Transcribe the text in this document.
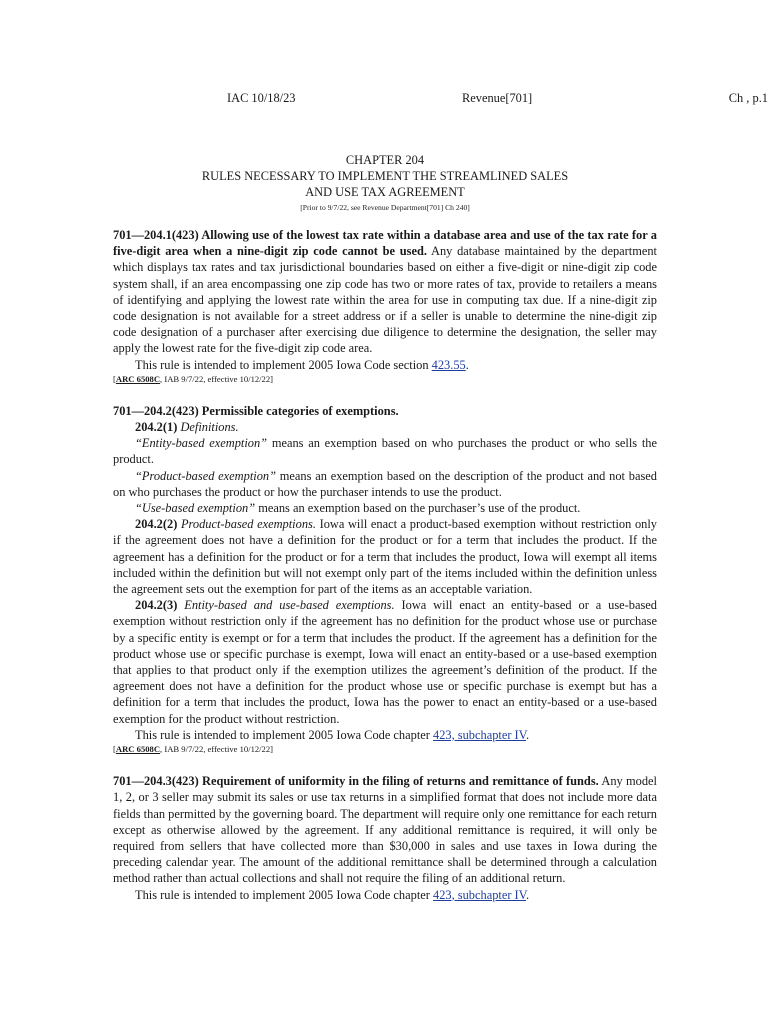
IAC 10/18/23	Revenue[701]	Ch , p.1
CHAPTER 204
RULES NECESSARY TO IMPLEMENT THE STREAMLINED SALES
AND USE TAX AGREEMENT
[Prior to 9/7/22, see Revenue Department[701] Ch 240]

701—204.1(423) Allowing use of the lowest tax rate within a database area and use of the tax rate for a five-digit area when a nine-digit zip code cannot be used. Any database maintained by the department which displays tax rates and tax jurisdictional boundaries based on either a five-digit or nine-digit zip code system shall, if an area encompassing one zip code has two or more rates of tax, provide to retailers a means of identifying and applying the lowest rate within the area for use in computing tax due. If a nine-digit zip code designation is not available for a street address or if a seller is unable to determine the nine-digit zip code designation of a purchaser after exercising due diligence to determine the designation, the seller may apply the lowest rate for the five-digit zip code area.

This rule is intended to implement 2005 Iowa Code section 423.55.

[ARC 6508C, IAB 9/7/22, effective 10/12/22]

701—204.2(423) Permissible categories of exemptions.

204.2(1) Definitions.

“Entity-based exemption” means an exemption based on who purchases the product or who sells the product.

“Product-based exemption” means an exemption based on the description of the product and not based on who purchases the product or how the purchaser intends to use the product.

“Use-based exemption” means an exemption based on the purchaser’s use of the product.

204.2(2) Product-based exemptions. Iowa will enact a product-based exemption without restriction only if the agreement does not have a definition for the product or for a term that includes the product. If the agreement has a definition for the product or for a term that includes the product, Iowa will exempt all items included within the definition but will not exempt only part of the items included within the definition unless the agreement sets out the exemption for part of the items as an acceptable variation.

204.2(3) Entity-based and use-based exemptions. Iowa will enact an entity-based or a use-based exemption without restriction only if the agreement has no definition for the product whose use or purchase by a specific entity is exempt or for a term that includes the product. If the agreement has a definition for the product whose use or specific purchase is exempt, Iowa will enact an entity-based or a use-based exemption that applies to that product only if the exemption utilizes the agreement’s definition of the product. If the agreement does not have a definition for the product whose use or specific purchase is exempt but has a definition for a term that includes the product, Iowa has the power to enact an entity-based or a use-based exemption for the product without restriction.

This rule is intended to implement 2005 Iowa Code chapter 423, subchapter IV.

[ARC 6508C, IAB 9/7/22, effective 10/12/22]

701—204.3(423) Requirement of uniformity in the filing of returns and remittance of funds. Any model 1, 2, or 3 seller may submit its sales or use tax returns in a simplified format that does not include more data fields than permitted by the governing board. The department will require only one remittance for each return except as otherwise allowed by the agreement. If any additional remittance is required, it will only be required from sellers that have collected more than $30,000 in sales and use taxes in Iowa during the preceding calendar year. The amount of the additional remittance shall be determined through a calculation method rather than actual collections and shall not require the filing of an additional return.

This rule is intended to implement 2005 Iowa Code chapter 423, subchapter IV.
